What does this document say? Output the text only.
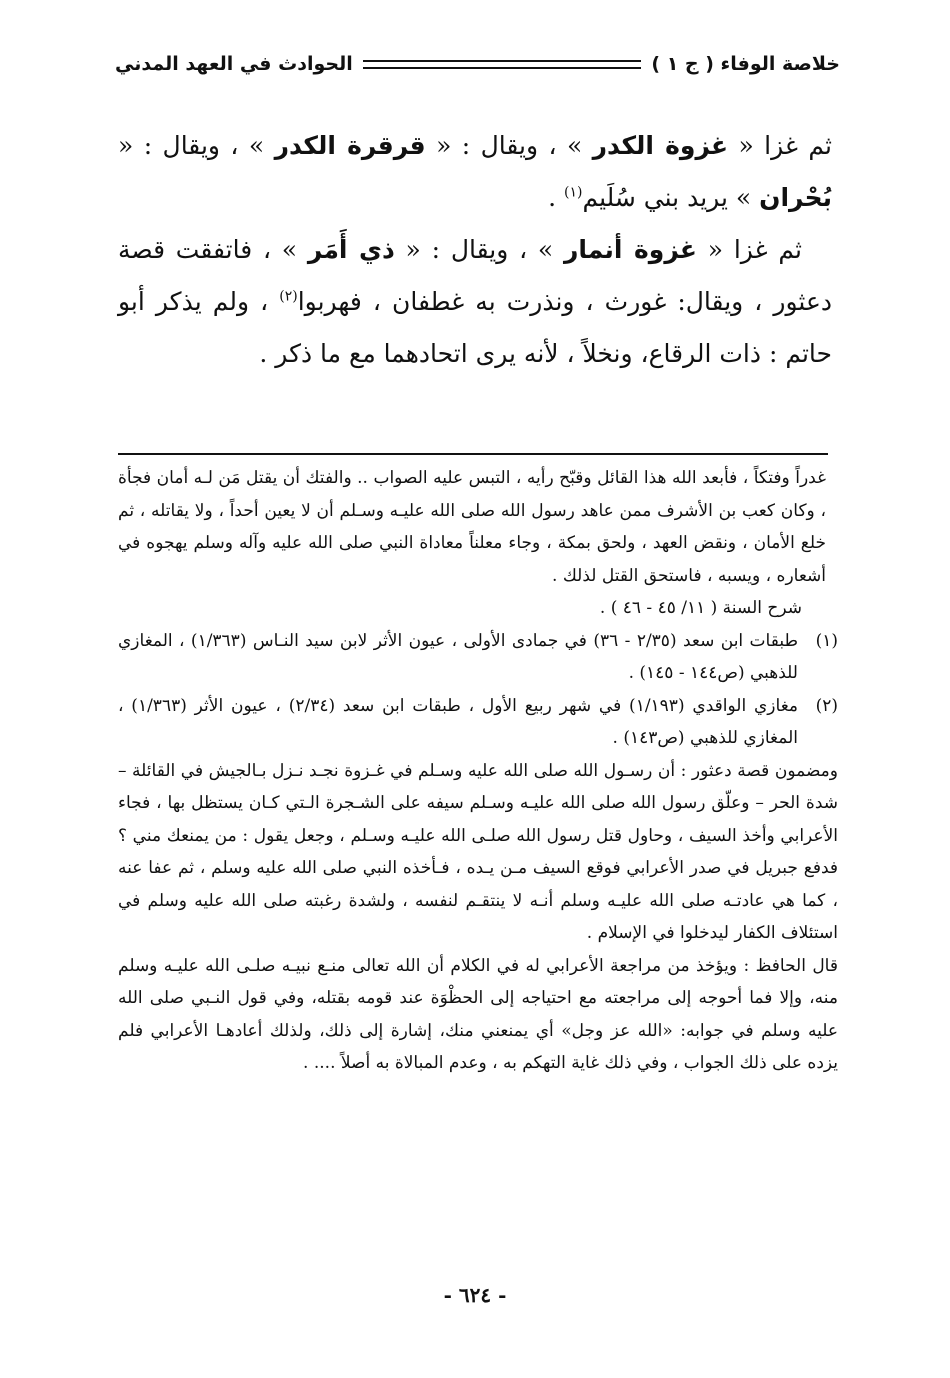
خلاصة الوفاء ( ج ١ )
الحوادث في العهد المدني

ثم غزا « غزوة الكدر » ، ويقال : « قرقرة الكدر » ، ويقال : « بُحْران » يريد بني سُلَيم$^{(١)}$ .

ثم غزا « غزوة أنمار » ، ويقال : « ذي أَمَر » ، فاتفقت قصة دعثور ، ويقال: غورث ، ونذرت به غطفان ، فهربوا$^{(٢)}$ ، ولم يذكر أبو حاتم : ذات الرقاع، ونخلاً ، لأنه يرى اتحادهما مع ما ذكر .

غدراً وفتكاً ، فأبعد الله هذا القائل وقبّح رأيه ، التبس عليه الصواب .. والفتك أن يقتل مَن لـه أمان فجأة ، وكان كعب بن الأشرف ممن عاهد رسول الله صلى الله عليـه وسـلم أن لا يعين أحداً ، ولا يقاتله ، ثم خلع الأمان ، ونقض العهد ، ولحق بمكة ، وجاء معلناً معاداة النبي صلى الله عليه وآله وسلم يهجوه في أشعاره ، ويسبه ، فاستحق القتل لذلك .

شرح السنة ( ١١/ ٤٥ - ٤٦ ) .

(١)
طبقات ابن سعد (٢/٣٥ - ٣٦) في جمادى الأولى ، عيون الأثر لابن سيد النـاس (١/٣٦٣) ، المغازي للذهبي (ص١٤٤ - ١٤٥) .
(٢)
مغازي الواقدي (١/١٩٣) في شهر ربيع الأول ، طبقات ابن سعد (٢/٣٤) ، عيون الأثر (١/٣٦٣) ، المغازي للذهبي (ص١٤٣) .

ومضمون قصة دعثور : أن رسـول الله صلى الله عليه وسـلم في غـزوة نجـد نـزل بـالجيش في القائلة – شدة الحر – وعلّق رسول الله صلى الله عليـه وسـلم سيفه على الشـجرة الـتي كـان يستظل بها ، فجاء الأعرابي وأخذ السيف ، وحاول قتل رسول الله صلـى الله عليـه وسـلم ، وجعل يقول : من يمنعك مني ؟ فدفع جبريل في صدر الأعرابي فوقع السيف مـن يـده ، فـأخذه النبي صلى الله عليه وسلم ، ثم عفا عنه ، كما هي عادتـه صلى الله عليـه وسلم أنـه لا ينتقـم لنفسه ، ولشدة رغبته صلى الله عليه وسلم في استئلاف الكفار ليدخلوا في الإسلام .

قال الحافظ : ويؤخذ من مراجعة الأعرابي له في الكلام أن الله تعالى منـع نبيـه صلـى الله عليـه وسلم منه، وإلا فما أحوجه إلى مراجعته مع احتياجه إلى الحظْوَة عند قومه بقتله، وفي قول النـبي صلى الله عليه وسلم في جوابه: «الله عز وجل» أي يمنعني منك، إشارة إلى ذلك، ولذلك أعادهـا الأعرابي فلم يزده على ذلك الجواب ، وفي ذلك غاية التهكم به ، وعدم المبالاة به أصلاً .... .

- ٦٢٤ -
